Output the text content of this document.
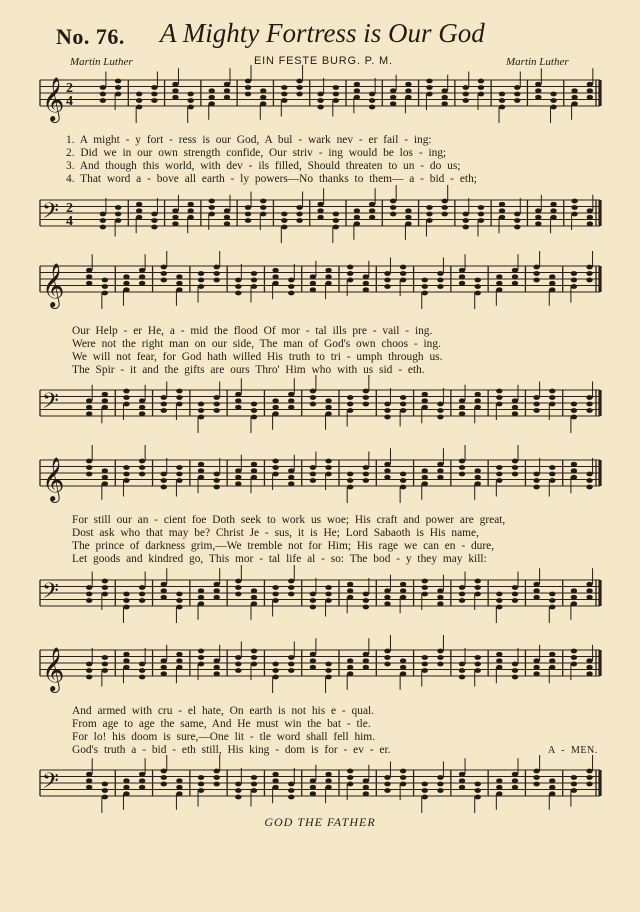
No. 76. A Mighty Fortress is Our God
Martin Luther	EIN FESTE BURG. P. M.	Martin Luther
𝄞 2
4
1. A might - y fort - ress is our God, A bul - wark nev - er fail - ing:
2. Did we in our own strength confide, Our striv - ing would be los - ing;
3. And though this world, with dev - ils filled, Should threaten to un - do us;
4. That word a - bove all earth - ly powers—No thanks to them— a - bid - eth;
𝄢 2
4
𝄞
Our Help - er He, a - mid the flood Of mor - tal ills pre - vail - ing.
Were not the right man on our side, The man of God's own choos - ing.
We will not fear, for God hath willed His truth to tri - umph through us.
The Spir - it and the gifts are ours Thro' Him who with us sid - eth.
𝄢
𝄞
For still our an - cient foe Doth seek to work us woe; His craft and power are great,
Dost ask who that may be? Christ Je - sus, it is He; Lord Sabaoth is His name,
The prince of darkness grim,—We tremble not for Him; His rage we can en - dure,
Let goods and kindred go, This mor - tal life al - so: The bod - y they may kill:
𝄢
𝄞
And armed with cru - el hate, On earth is not his e - qual.
From age to age the same, And He must win the bat - tle.
For lo! his doom is sure,—One lit - tle word shall fell him.
God's truth a - bid - eth still, His king - dom is for - ev - er.	A - MEN.
𝄢
GOD THE FATHER
